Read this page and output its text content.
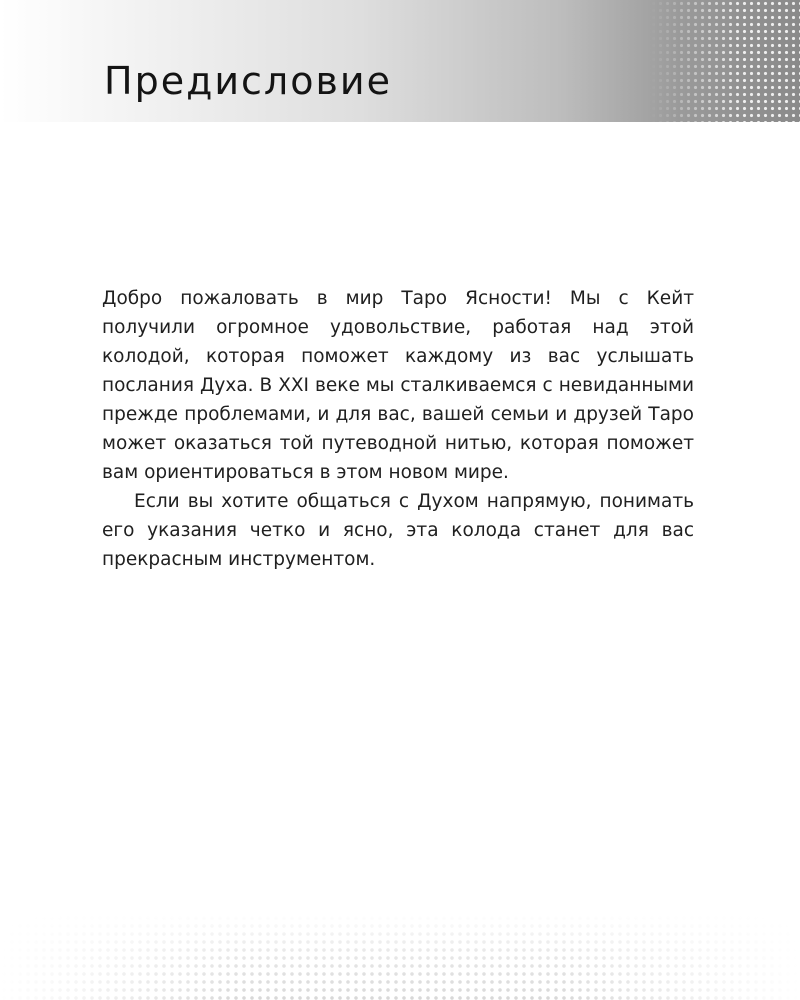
Предисловие

Добро пожаловать в мир Таро Ясности! Мы с Кейт получили огромное удовольствие, работая над этой колодой, которая поможет каждому из вас услышать послания Духа. В XXI веке мы сталкиваемся с невиданными прежде проблемами, и для вас, вашей семьи и друзей Таро может оказаться той путеводной нитью, которая поможет вам ориентироваться в этом новом мире.

Если вы хотите общаться с Духом напрямую, понимать его указания четко и ясно, эта колода станет для вас прекрасным инструментом.
